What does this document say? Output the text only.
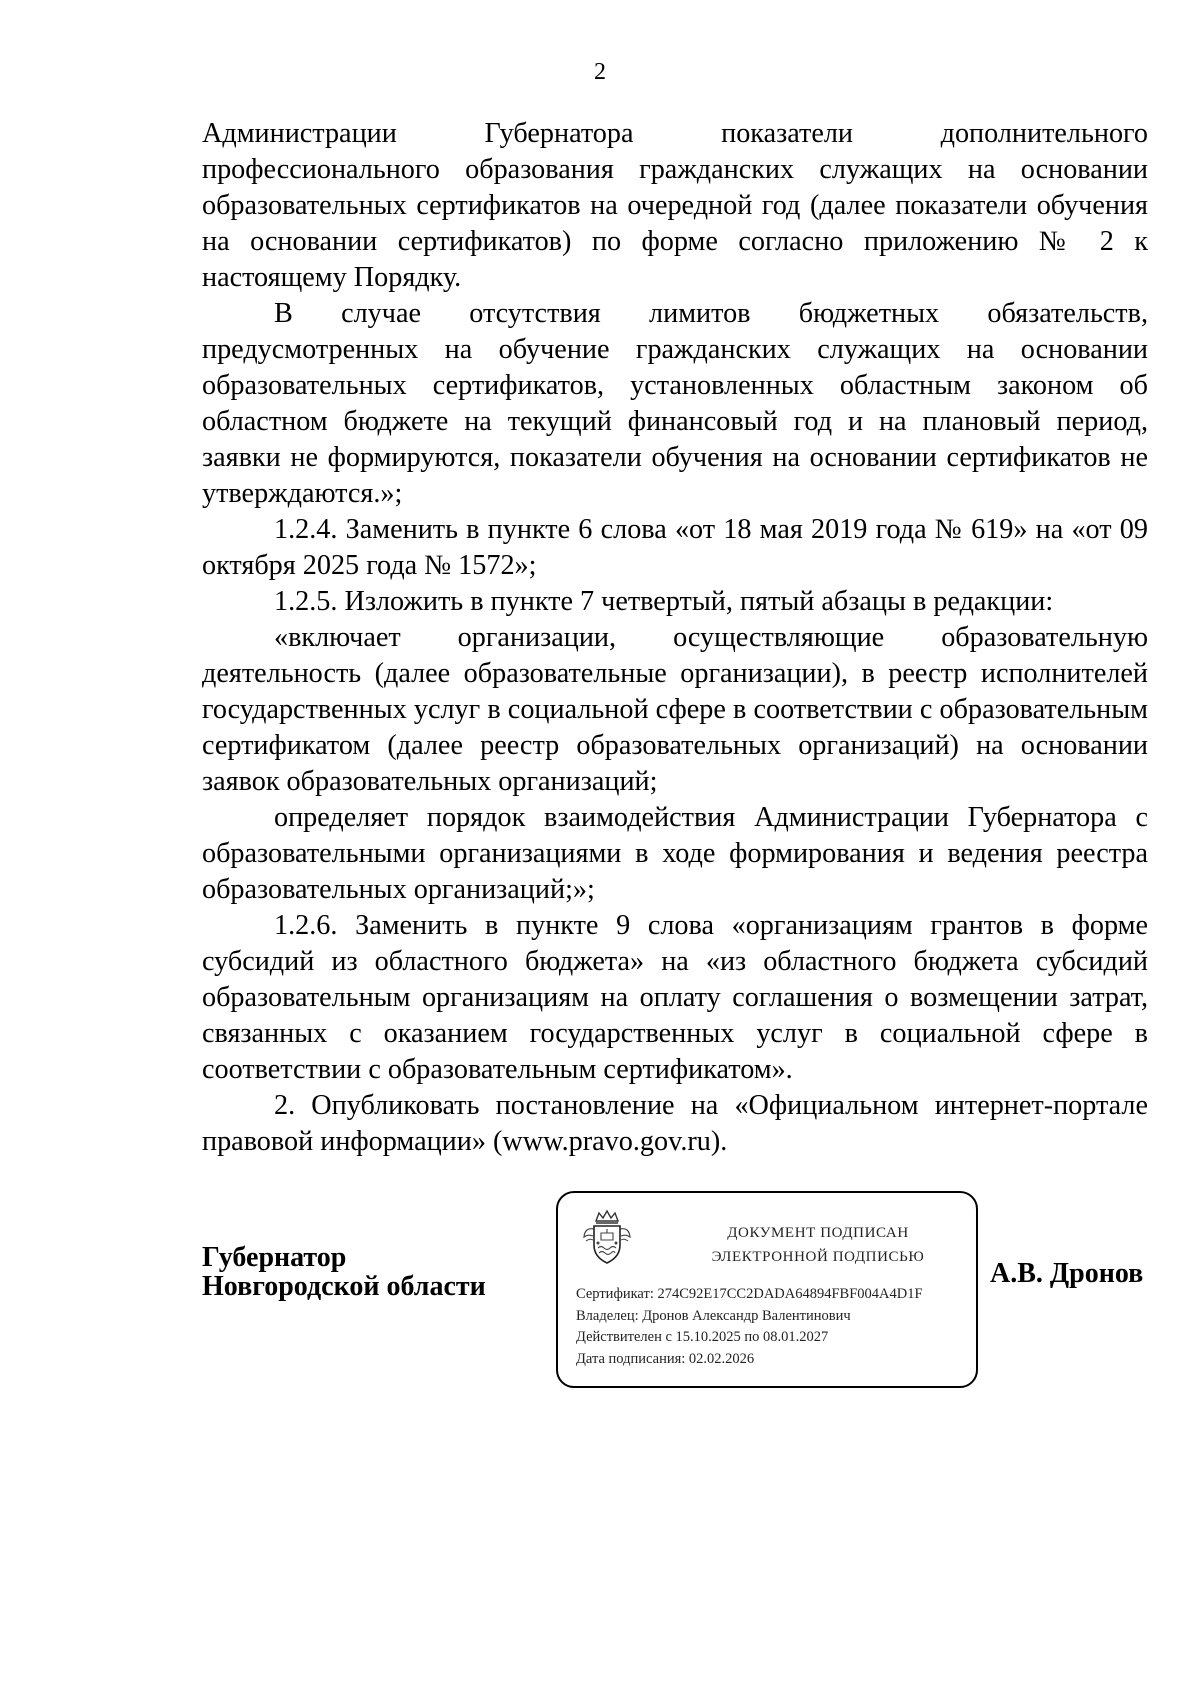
2

Администрации Губернатора показатели дополнительного профессионального образования гражданских служащих на основании образовательных сертификатов на очередной год (далее показатели обучения на основании сертификатов) по форме согласно приложению № 2 к настоящему Порядку.

В случае отсутствия лимитов бюджетных обязательств, предусмотренных на обучение гражданских служащих на основании образовательных сертификатов, установленных областным законом об областном бюджете на текущий финансовый год и на плановый период, заявки не формируются, показатели обучения на основании сертификатов не утверждаются.»;

1.2.4. Заменить в пункте 6 слова «от 18 мая 2019 года № 619» на «от 09 октября 2025 года № 1572»;

1.2.5. Изложить в пункте 7 четвертый, пятый абзацы в редакции:

«включает организации, осуществляющие образовательную деятельность (далее образовательные организации), в реестр исполнителей государственных услуг в социальной сфере в соответствии с образовательным сертификатом (далее реестр образовательных организаций) на основании заявок образовательных организаций;

определяет порядок взаимодействия Администрации Губернатора с образовательными организациями в ходе формирования и ведения реестра образовательных организаций;»;

1.2.6. Заменить в пункте 9 слова «организациям грантов в форме субсидий из областного бюджета» на «из областного бюджета субсидий образовательным организациям на оплату соглашения о возмещении затрат, связанных с оказанием государственных услуг в социальной сфере в соответствии с образовательным сертификатом».

2. Опубликовать постановление на «Официальном интернет-портале правовой информации» (www.pravo.gov.ru).

Губернатор
Новгородской области
ДОКУМЕНТ ПОДПИСАН
ЭЛЕКТРОННОЙ ПОДПИСЬЮ
Сертификат: 274C92E17CC2DADA64894FBF004A4D1F
Владелец: Дронов Александр Валентинович
Действителен с 15.10.2025 по 08.01.2027
Дата подписания: 02.02.2026
А.В. Дронов
